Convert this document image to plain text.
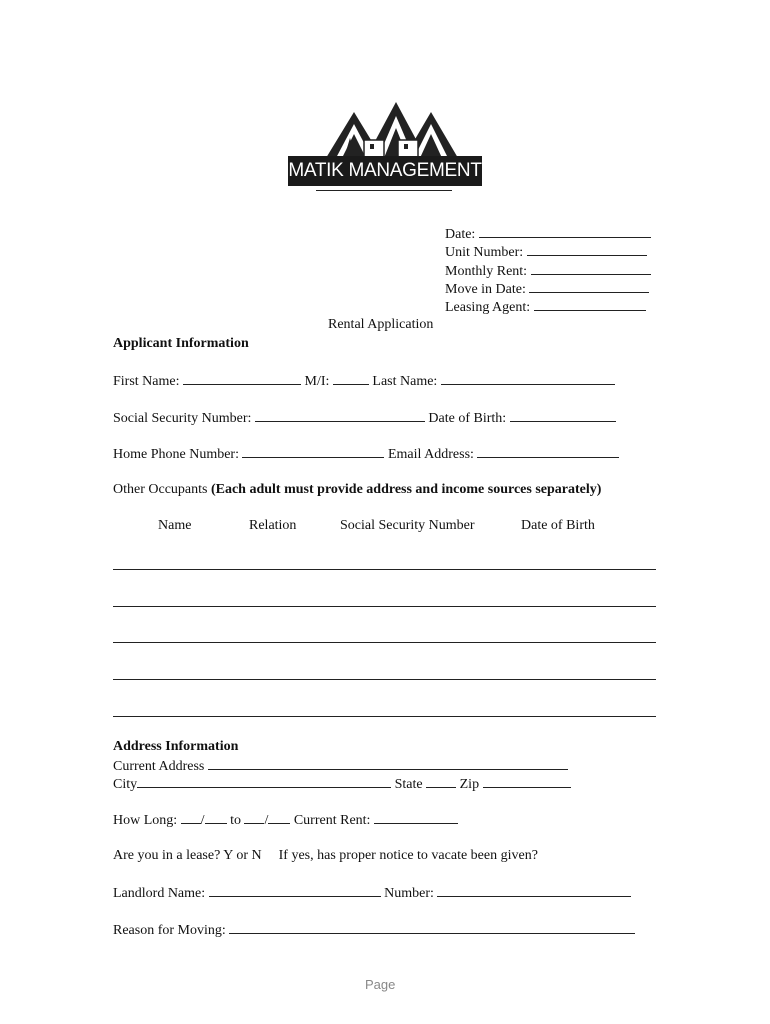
MATIK MANAGEMENT
Date:
Unit Number:
Monthly Rent:
Move in Date:
Leasing Agent:
Rental Application
Applicant Information
First Name:	M/I:	Last Name:
Social Security Number:	Date of Birth:
Home Phone Number:	Email Address:
Other Occupants (Each adult must provide address and income sources separately)
Name	Relation	Social Security Number	Date of Birth
Address Information
Current Address
City	State	Zip
How Long: / to / Current Rent:
Are you in a lease? Y or N If yes, has proper notice to vacate been given?
Landlord Name:	Number:
Reason for Moving:
Page
